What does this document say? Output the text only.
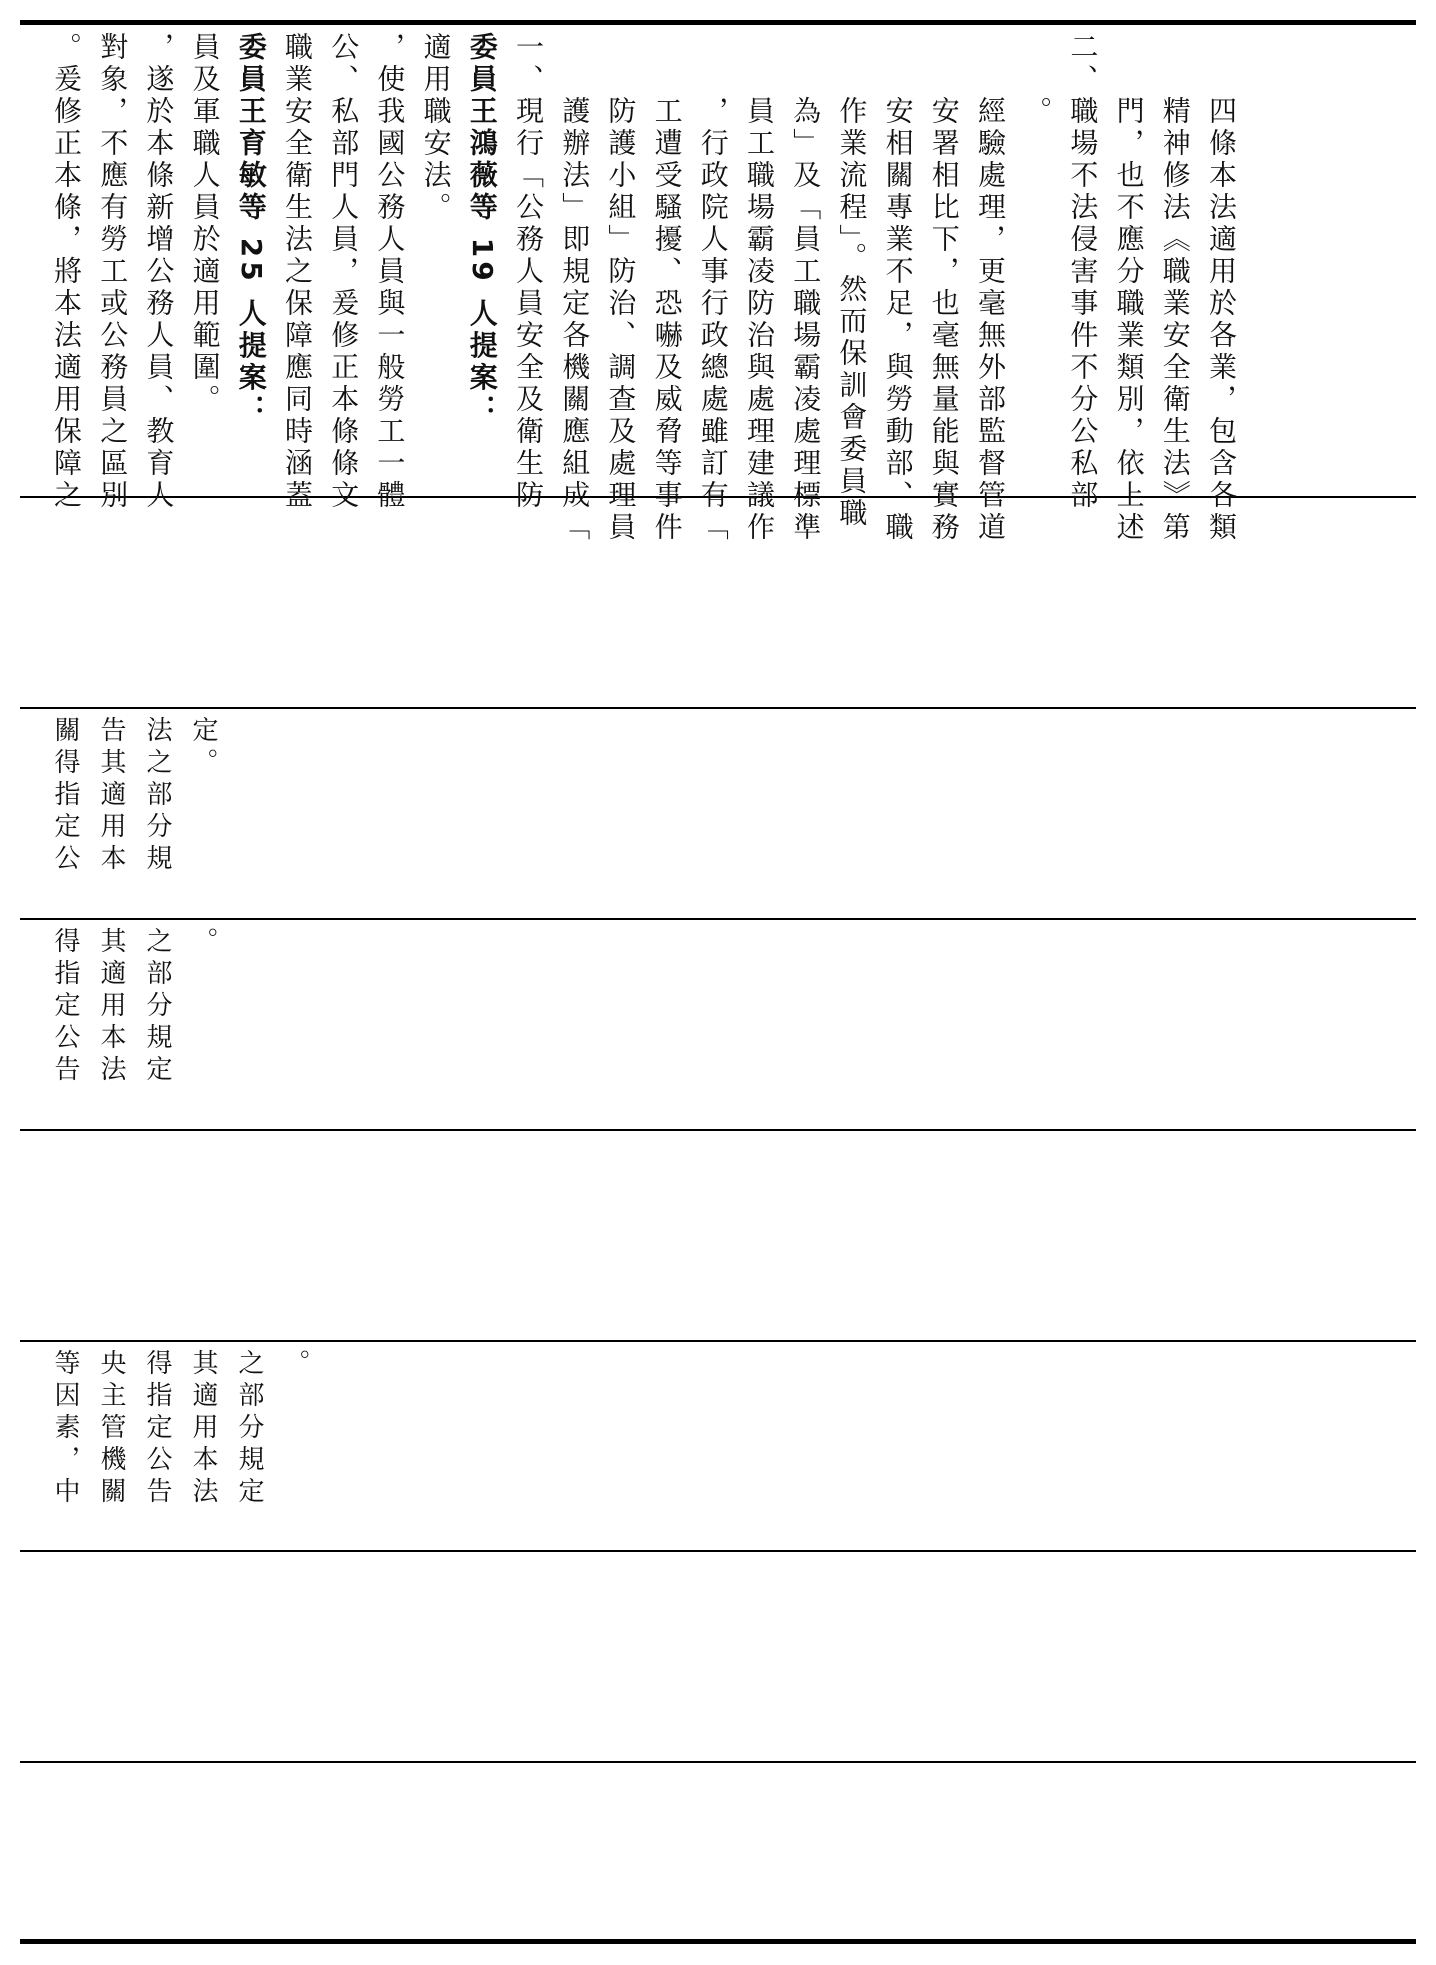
。爰修正本條，將本法適用保障之 對象，不應有勞工或公務員之區別 ，遂於本條新增公務人員、教育人 員及軍職人員於適用範圍。 委員王育敏等 25 人提案： 職業安全衛生法之保障應同時涵蓋 公、私部門人員，爰修正本條條文 ，使我國公務人員與一般勞工一體 適用職安法。 委員王鴻薇等 19 人提案： 一、現行「公務人員安全及衛生防 　　護辦法」即規定各機關應組成「 　　防護小組」防治、調查及處理員 　　工遭受騷擾、恐嚇及威脅等事件 　　，行政院人事行政總處雖訂有「 　　員工職場霸凌防治與處理建議作 　　為」及「員工職場霸凌處理標準 　　作業流程」。然而保訓會委員職 　　安相關專業不足，與勞動部、職 　　安署相比下，也毫無量能與實務 　　經驗處理，更毫無外部監督管道 　　。 二、職場不法侵害事件不分公私部 　　門，也不應分職業類別，依上述 　　精神修法《職業安全衛生法》第 　　四條本法適用於各業，包含各類
關得指定公 告其適用本 法之部分規 定。
得指定公告 其適用本法 之部分規定 。
等因素，中 央主管機關 得指定公告 其適用本法 之部分規定 。
